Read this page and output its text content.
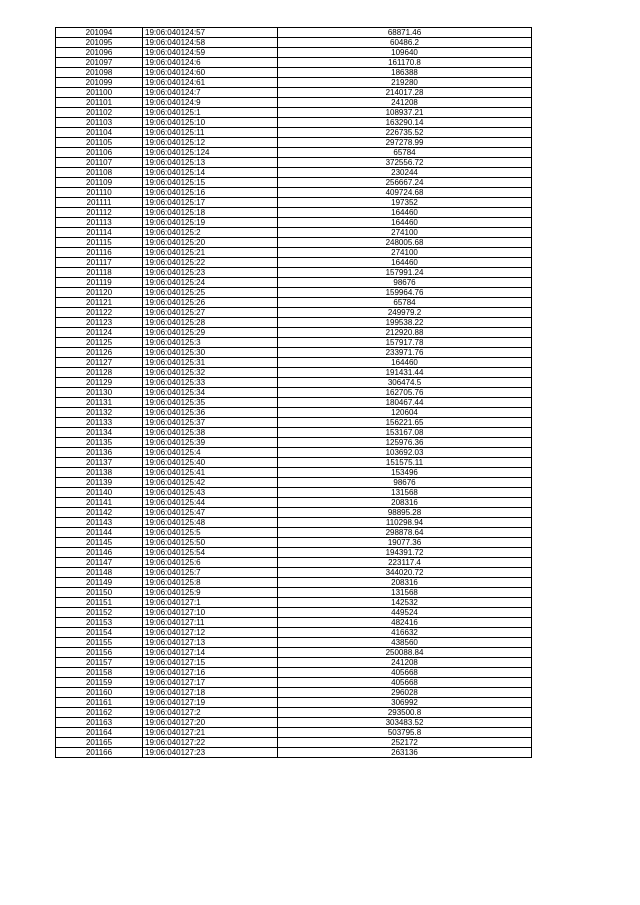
201094	19:06:040124:57	68871.46
201095	19:06:040124:58	60486.2
201096	19:06:040124:59	109640
201097	19:06:040124:6	161170.8
201098	19:06:040124:60	186388
201099	19:06:040124:61	219280
201100	19:06:040124:7	214017.28
201101	19:06:040124:9	241208
201102	19:06:040125:1	108937.21
201103	19:06:040125:10	163290.14
201104	19:06:040125:11	226735.52
201105	19:06:040125:12	297278.99
201106	19:06:040125:124	65784
201107	19:06:040125:13	372556.72
201108	19:06:040125:14	230244
201109	19:06:040125:15	256667.24
201110	19:06:040125:16	409724.68
201111	19:06:040125:17	197352
201112	19:06:040125:18	164460
201113	19:06:040125:19	164460
201114	19:06:040125:2	274100
201115	19:06:040125:20	248005.68
201116	19:06:040125:21	274100
201117	19:06:040125:22	164460
201118	19:06:040125:23	157991.24
201119	19:06:040125:24	98676
201120	19:06:040125:25	159964.76
201121	19:06:040125:26	65784
201122	19:06:040125:27	249979.2
201123	19:06:040125:28	199538.22
201124	19:06:040125:29	212920.88
201125	19:06:040125:3	157917.78
201126	19:06:040125:30	233971.76
201127	19:06:040125:31	164460
201128	19:06:040125:32	191431.44
201129	19:06:040125:33	306474.5
201130	19:06:040125:34	162705.76
201131	19:06:040125:35	180467.44
201132	19:06:040125:36	120604
201133	19:06:040125:37	156221.65
201134	19:06:040125:38	153167.08
201135	19:06:040125:39	125976.36
201136	19:06:040125:4	103692.03
201137	19:06:040125:40	151575.11
201138	19:06:040125:41	153496
201139	19:06:040125:42	98676
201140	19:06:040125:43	131568
201141	19:06:040125:44	208316
201142	19:06:040125:47	98895.28
201143	19:06:040125:48	110298.94
201144	19:06:040125:5	298878.64
201145	19:06:040125:50	19077.36
201146	19:06:040125:54	194391.72
201147	19:06:040125:6	223117.4
201148	19:06:040125:7	344020.72
201149	19:06:040125:8	208316
201150	19:06:040125:9	131568
201151	19:06:040127:1	142532
201152	19:06:040127:10	449524
201153	19:06:040127:11	482416
201154	19:06:040127:12	416632
201155	19:06:040127:13	438560
201156	19:06:040127:14	250088.84
201157	19:06:040127:15	241208
201158	19:06:040127:16	405668
201159	19:06:040127:17	405668
201160	19:06:040127:18	296028
201161	19:06:040127:19	306992
201162	19:06:040127:2	293500.8
201163	19:06:040127:20	303483.52
201164	19:06:040127:21	503795.8
201165	19:06:040127:22	252172
201166	19:06:040127:23	263136
